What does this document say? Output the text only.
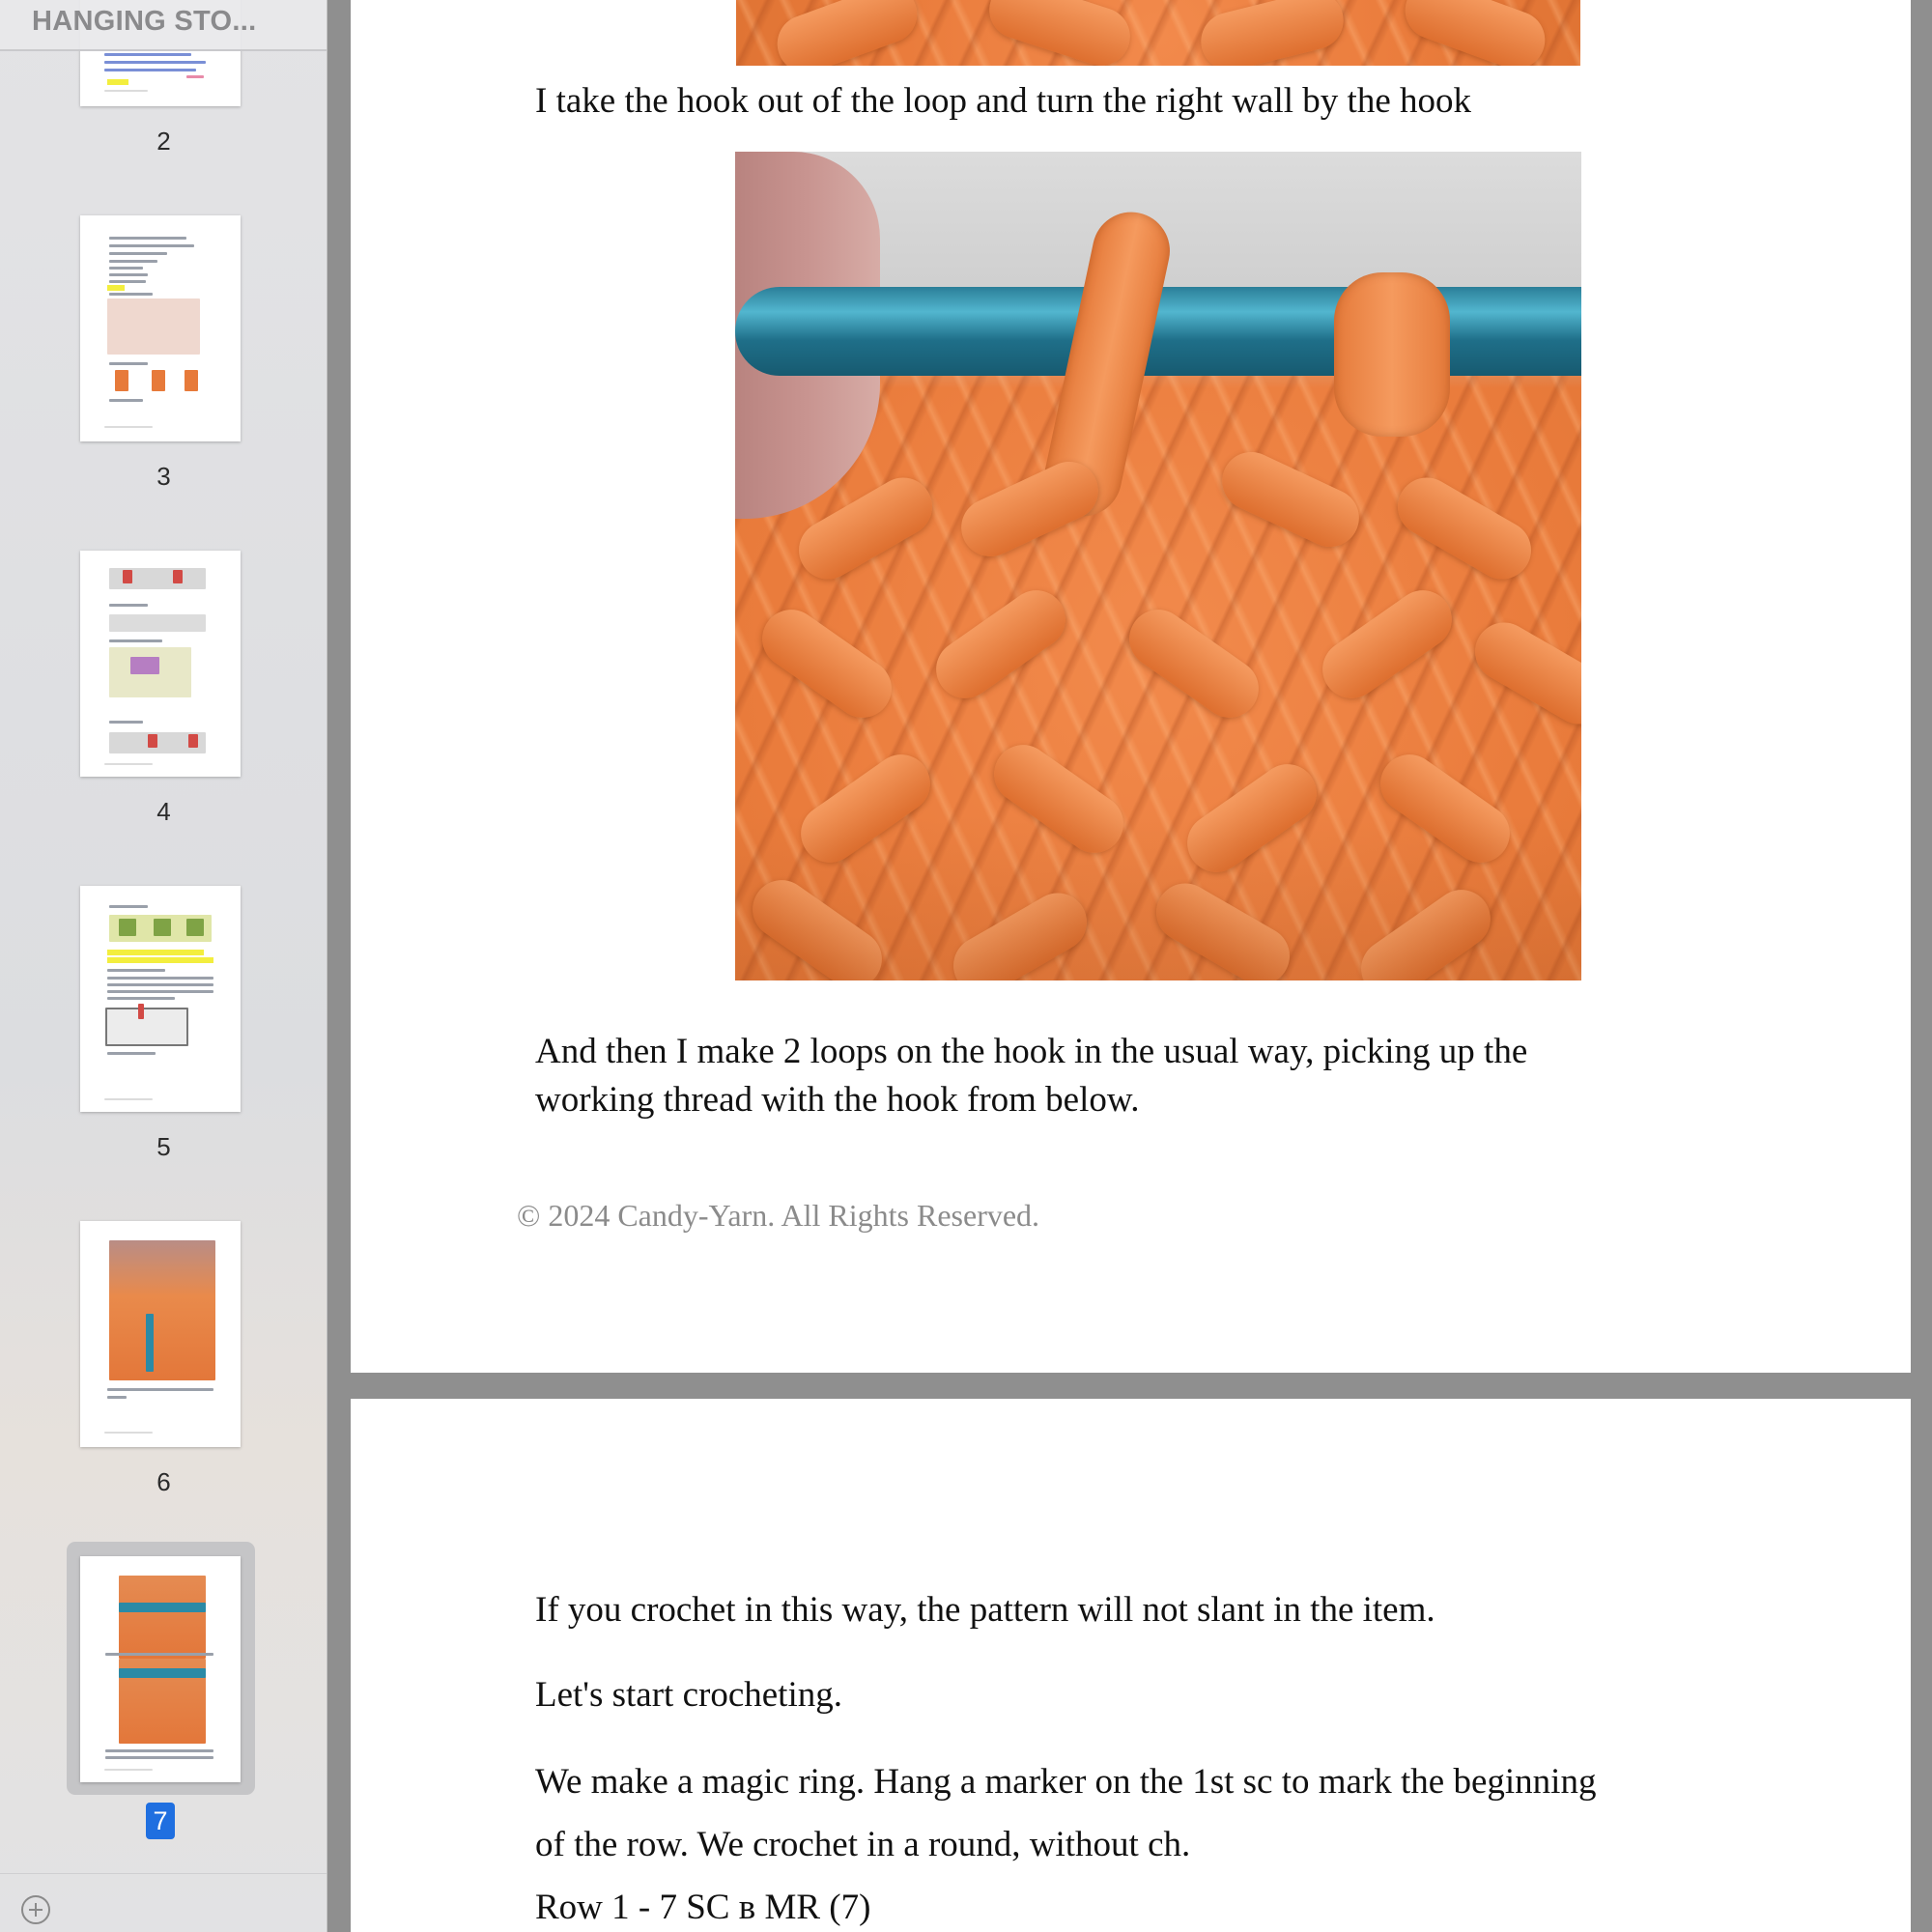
HANGING STO...
2
3
4
5
6
7
I take the hook out of the loop and turn the right wall by the hook
And then I make 2 loops on the hook in the usual way, picking up the
working thread with the hook from below.
© 2024 Candy-Yarn. All Rights Reserved.
If you crochet in this way, the pattern will not slant in the item.
Let's start crocheting.
We make a magic ring. Hang a marker on the 1st sc to mark the beginning
of the row. We crochet in a round, without ch.
Row 1 - 7 SC в MR (7)
